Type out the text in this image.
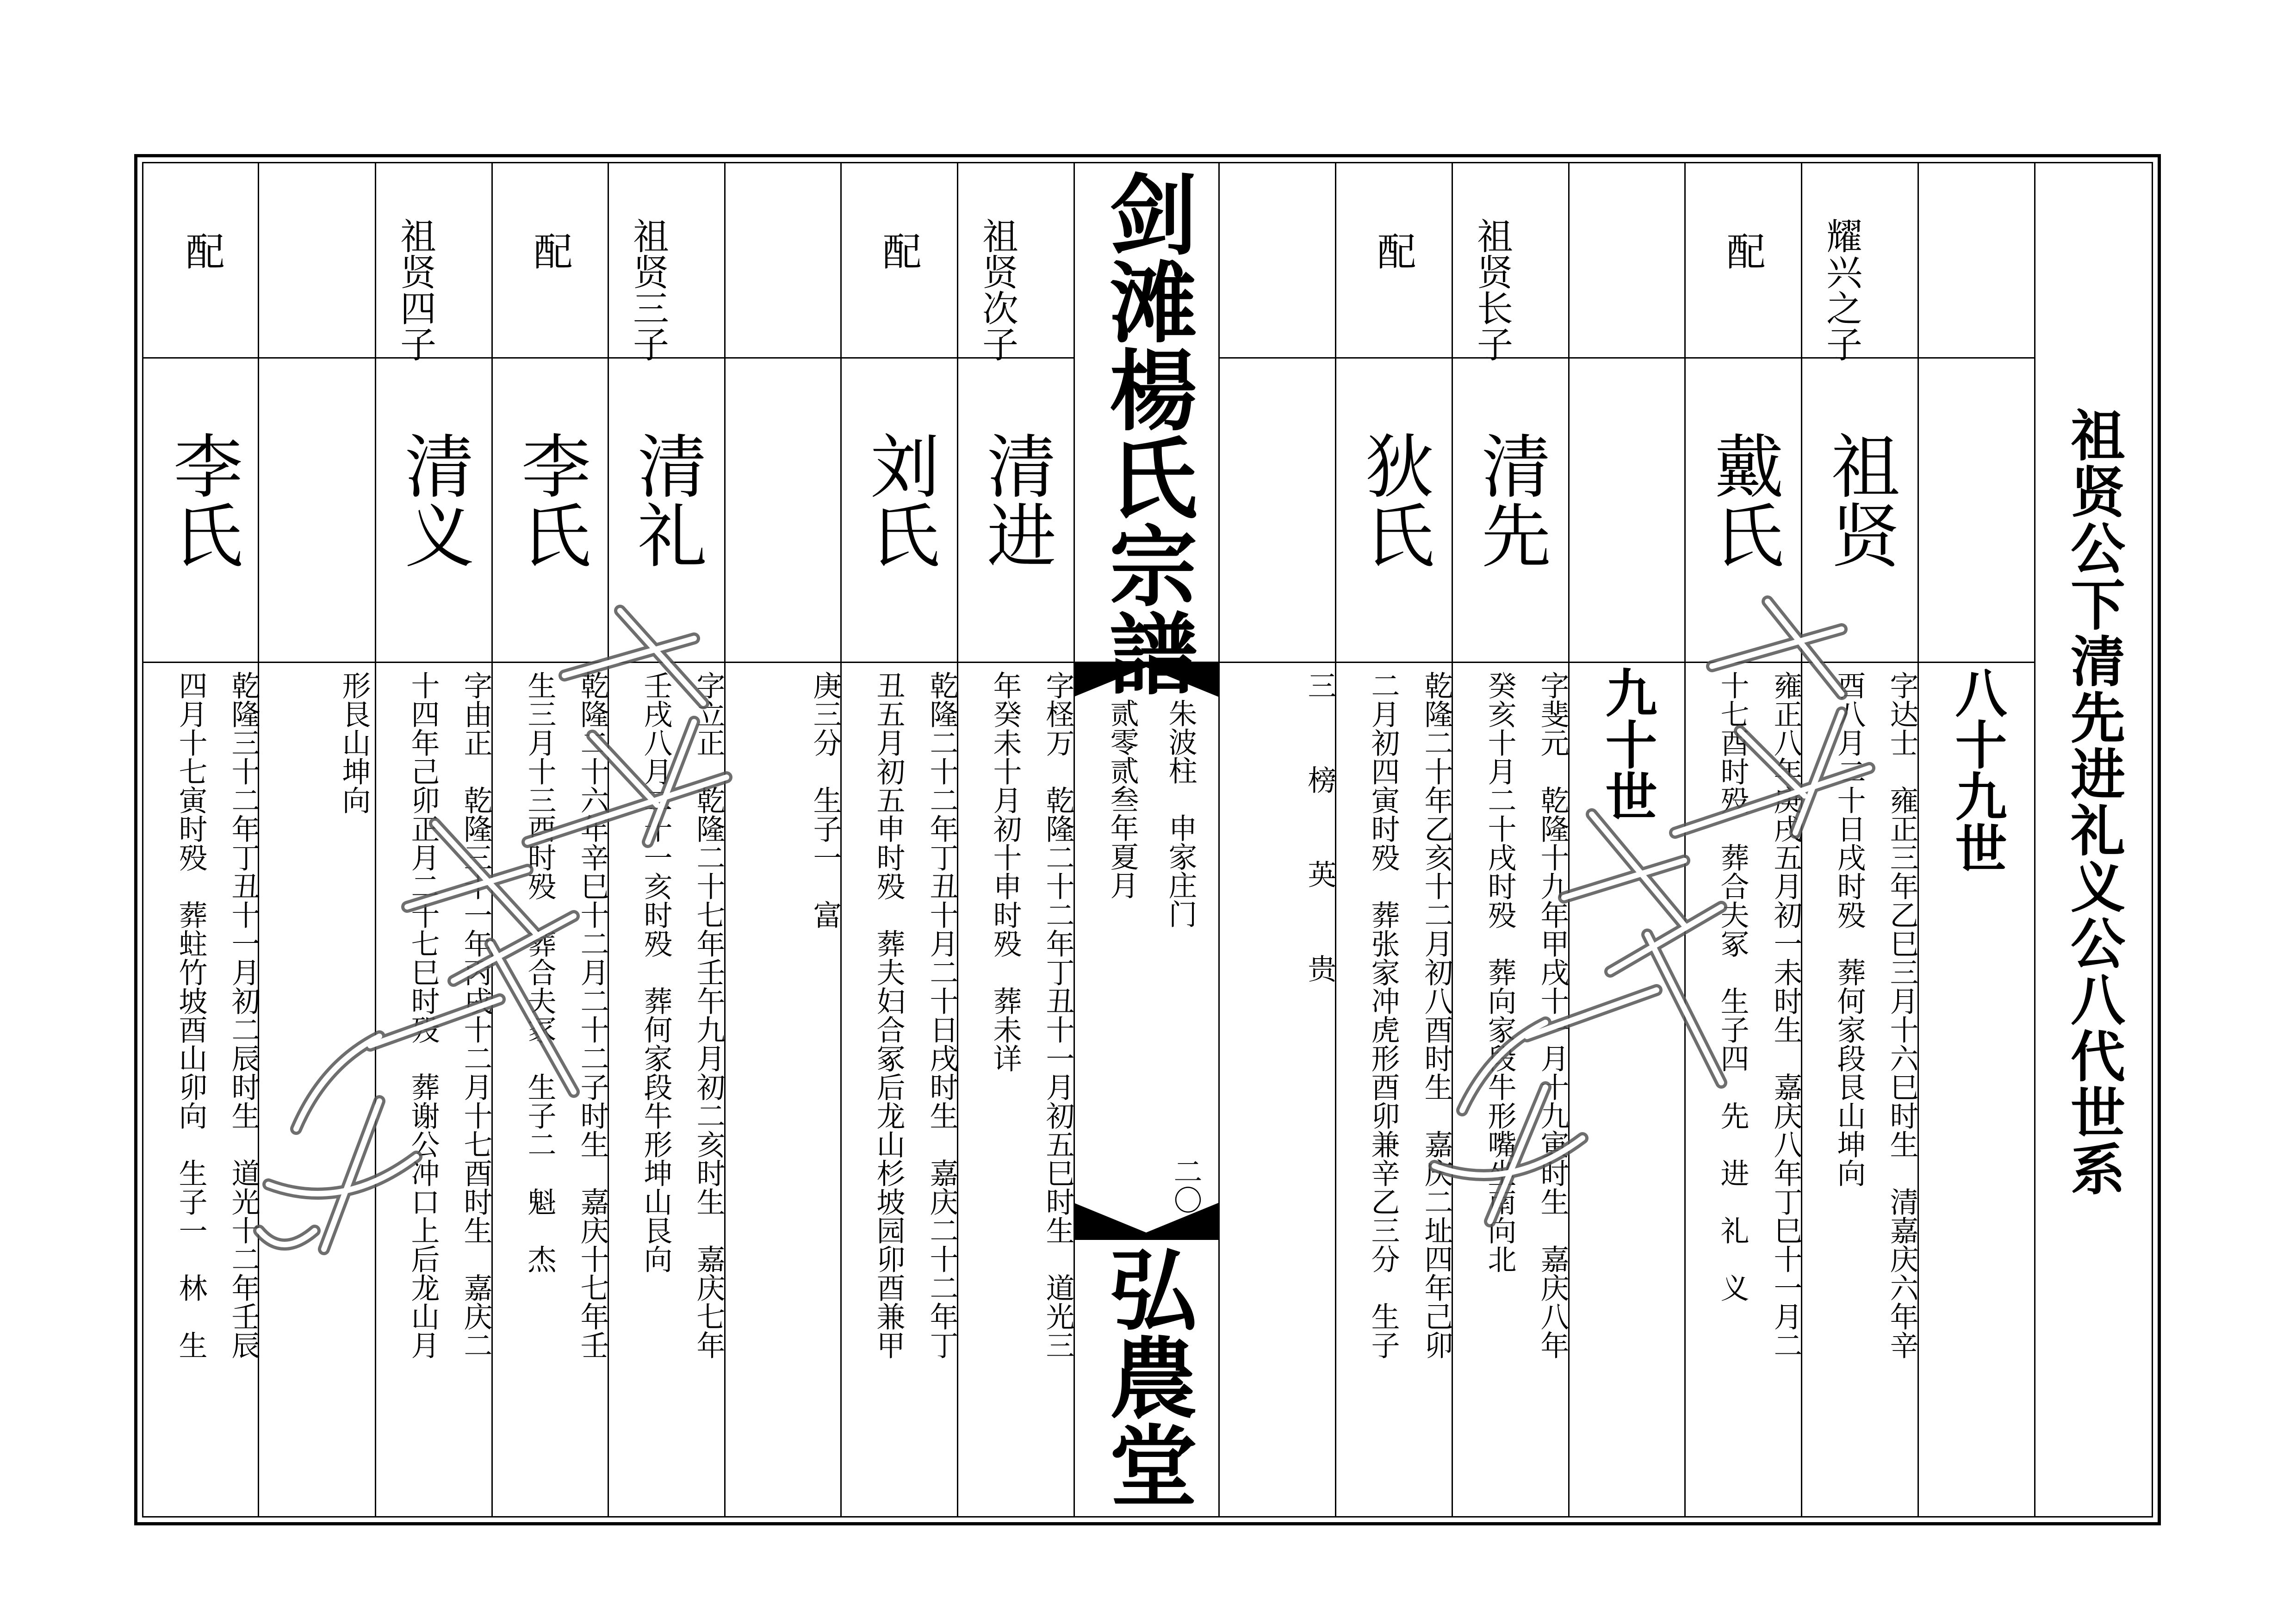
剑滩楊氏宗譜
弘農堂
朱波柱　申家庄门
贰零贰叁年夏月
二〇	祖贤公下清先进礼义公八代世系
八十九世
九十世
耀兴之子
祖贤
字达士　雍正三年乙巳三月十六巳时生　清嘉庆六年辛
酉八月二十日戌时殁　葬何家段艮山坤向
配
戴氏
雍正八年庚戌五月初一未时生　嘉庆八年丁巳十一月二
十七酉时殁　葬合夫冢　生子四　先　进　礼　义
祖贤长子
清先
字斐元　乾隆十九年甲戌十一月十九寅时生　嘉庆八年
癸亥十月二十戌时殁　葬向家段牛形嘴坐南向北
配
狄氏
乾隆二十年乙亥十二月初八酉时生　嘉庆二址四年己卯
二月初四寅时殁　葬张家冲虎形酉卯兼辛乙三分　生子
三　榜　英　贵
祖贤次子
清进
字柽万　乾隆二十二年丁丑十一月初五巳时生　道光三
年癸未十月初十申时殁　葬未详
配
刘氏
乾隆二十二年丁丑十月二十日戌时生　嘉庆二十二年丁
丑五月初五申时殁　葬夫妇合冢后龙山杉坡园卯酉兼甲
庚三分　生子一　富
祖贤三子
清礼
字立正　乾隆二十七年壬午九月初二亥时生　嘉庆七年
壬戌八月二十一亥时殁　葬何家段牛形坤山艮向
配
李氏
乾隆二十六年辛巳十二月二十二子时生　嘉庆十七年壬
生三月十三酉时殁　葬合夫冢　生子二　魁　杰
祖贤四子
清义
字由正　乾隆三十一年丙戌十二月十七酉时生　嘉庆二
十四年己卯正月二十七巳时殁　葬谢公冲口上后龙山月
形艮山坤向
配
李氏
乾隆三十二年丁丑十一月初二辰时生　道光十二年壬辰
四月十七寅时殁　葬蛀竹坡酉山卯向　生子一　林　生
